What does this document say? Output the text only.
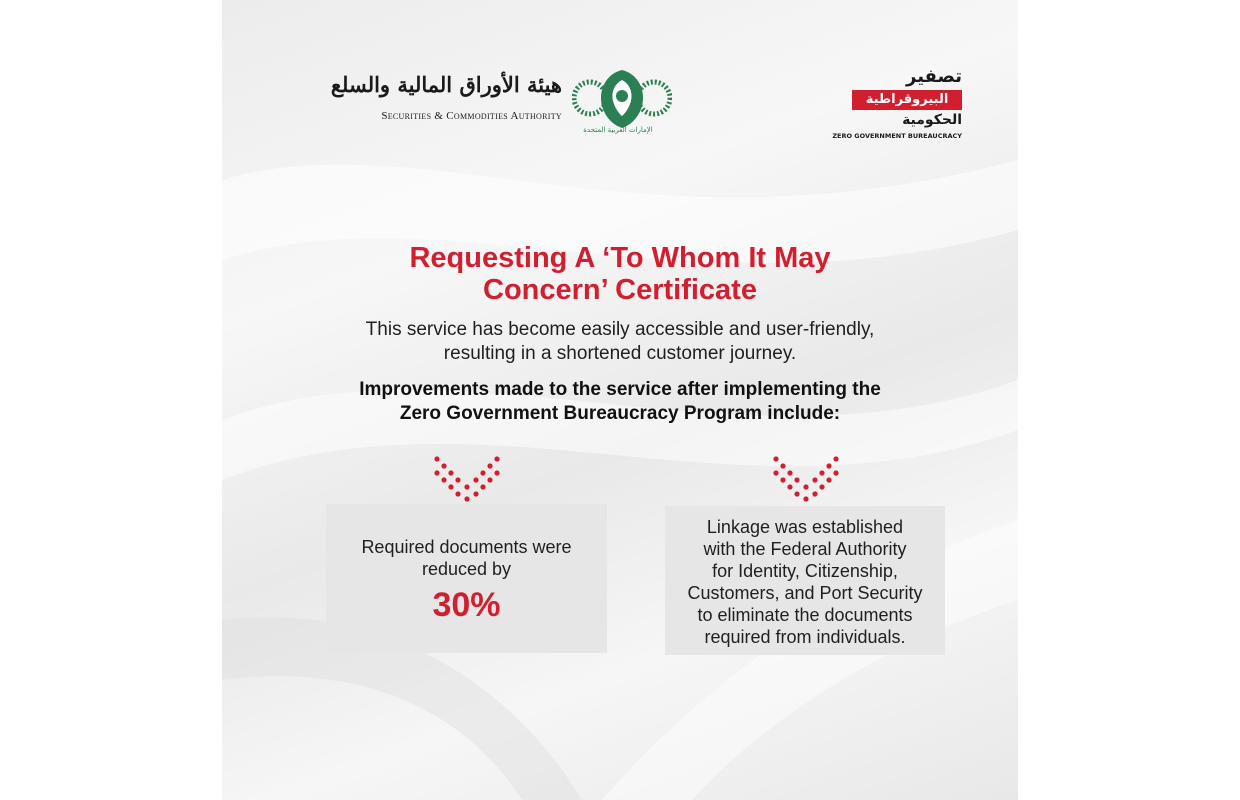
هيئة الأوراق المالية والسلع
Securities & Commodities Authority
الإمارات العربية المتحدة
تصفير
البيروقراطية
الحكومية
ZERO GOVERNMENT BUREAUCRACY
Requesting A ‘To Whom It May
Concern’ Certificate
This service has become easily accessible and user-friendly,
resulting in a shortened customer journey.
Improvements made to the service after implementing the
Zero Government Bureaucracy Program include:
Required documents were
reduced by
30%
Linkage was established
with the Federal Authority
for Identity, Citizenship,
Customers, and Port Security
to eliminate the documents
required from individuals.
